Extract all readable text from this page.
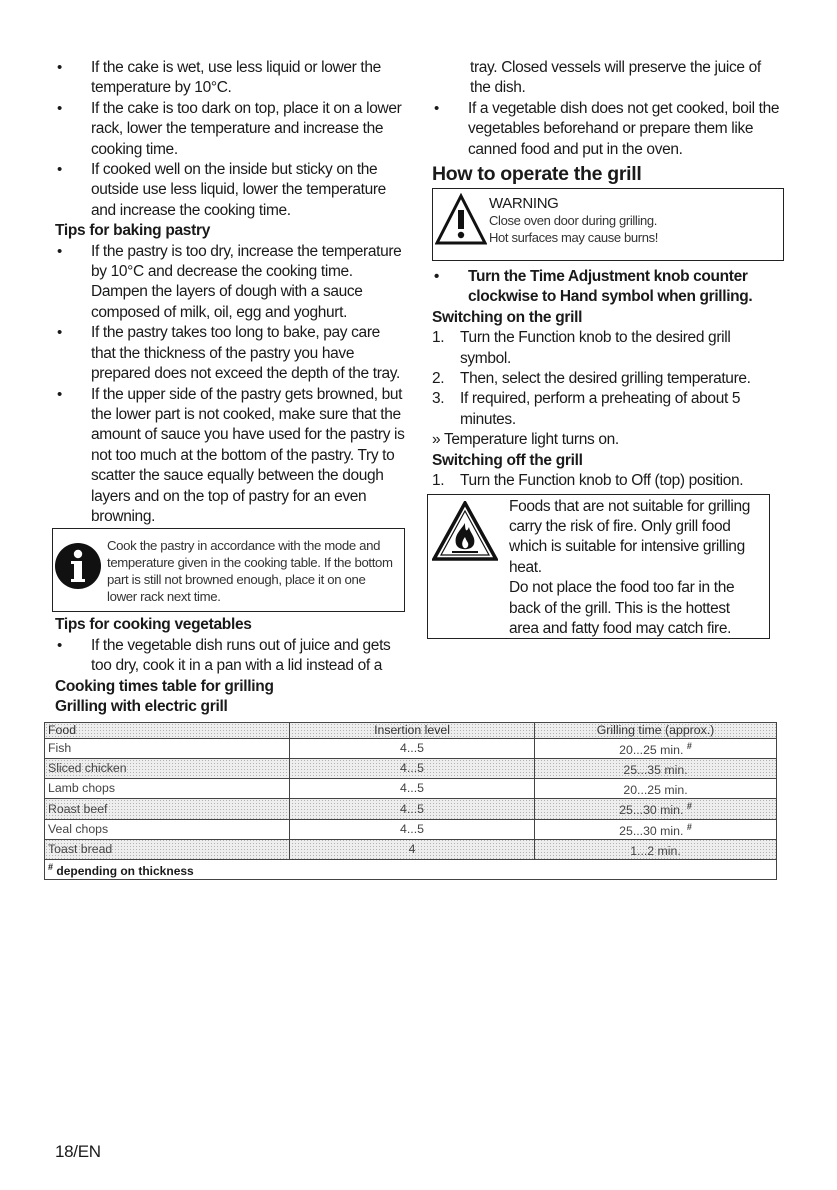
• If the cake is wet, use less liquid or lower the temperature by 10°C.
• If the cake is too dark on top, place it on a lower rack, lower the temperature and increase the cooking time.
• If cooked well on the inside but sticky on the outside use less liquid, lower the temperature and increase the cooking time.
Tips for baking pastry
• If the pastry is too dry, increase the temperature by 10°C and decrease the cooking time. Dampen the layers of dough with a sauce composed of milk, oil, egg and yoghurt.
• If the pastry takes too long to bake, pay care that the thickness of the pastry you have prepared does not exceed the depth of the tray.
• If the upper side of the pastry gets browned, but the lower part is not cooked, make sure that the amount of sauce you have used for the pastry is not too much at the bottom of the pastry. Try to scatter the sauce equally between the dough layers and on the top of pastry for an even browning.
Cook the pastry in accordance with the mode and temperature given in the cooking table. If the bottom part is still not browned enough, place it on one lower rack next time.
Tips for cooking vegetables
• If the vegetable dish runs out of juice and gets too dry, cook it in a pan with a lid instead of a
Cooking times table for grilling
Grilling with electric grill
tray. Closed vessels will preserve the juice of the dish.
• If a vegetable dish does not get cooked, boil the vegetables beforehand or prepare them like canned food and put in the oven.
How to operate the grill
WARNING
Close oven door during grilling.
Hot surfaces may cause burns!
• Turn the Time Adjustment knob counter clockwise to Hand symbol when grilling.
Switching on the grill
1. Turn the Function knob to the desired grill symbol.
2. Then, select the desired grilling temperature.
3. If required, perform a preheating of about 5 minutes.
» Temperature light turns on.
Switching off the grill
1. Turn the Function knob to Off (top) position.
Foods that are not suitable for grilling carry the risk of fire. Only grill food which is suitable for intensive grilling heat.
Do not place the food too far in the back of the grill. This is the hottest area and fatty food may catch fire.
Food	Insertion level	Grilling time (approx.)
Fish	4...5	20...25 min. #
Sliced chicken	4...5	25...35 min.
Lamb chops	4...5	20...25 min.
Roast beef	4...5	25...30 min. #
Veal chops	4...5	25...30 min. #
Toast bread	4	1...2 min.
# depending on thickness		
18/EN
